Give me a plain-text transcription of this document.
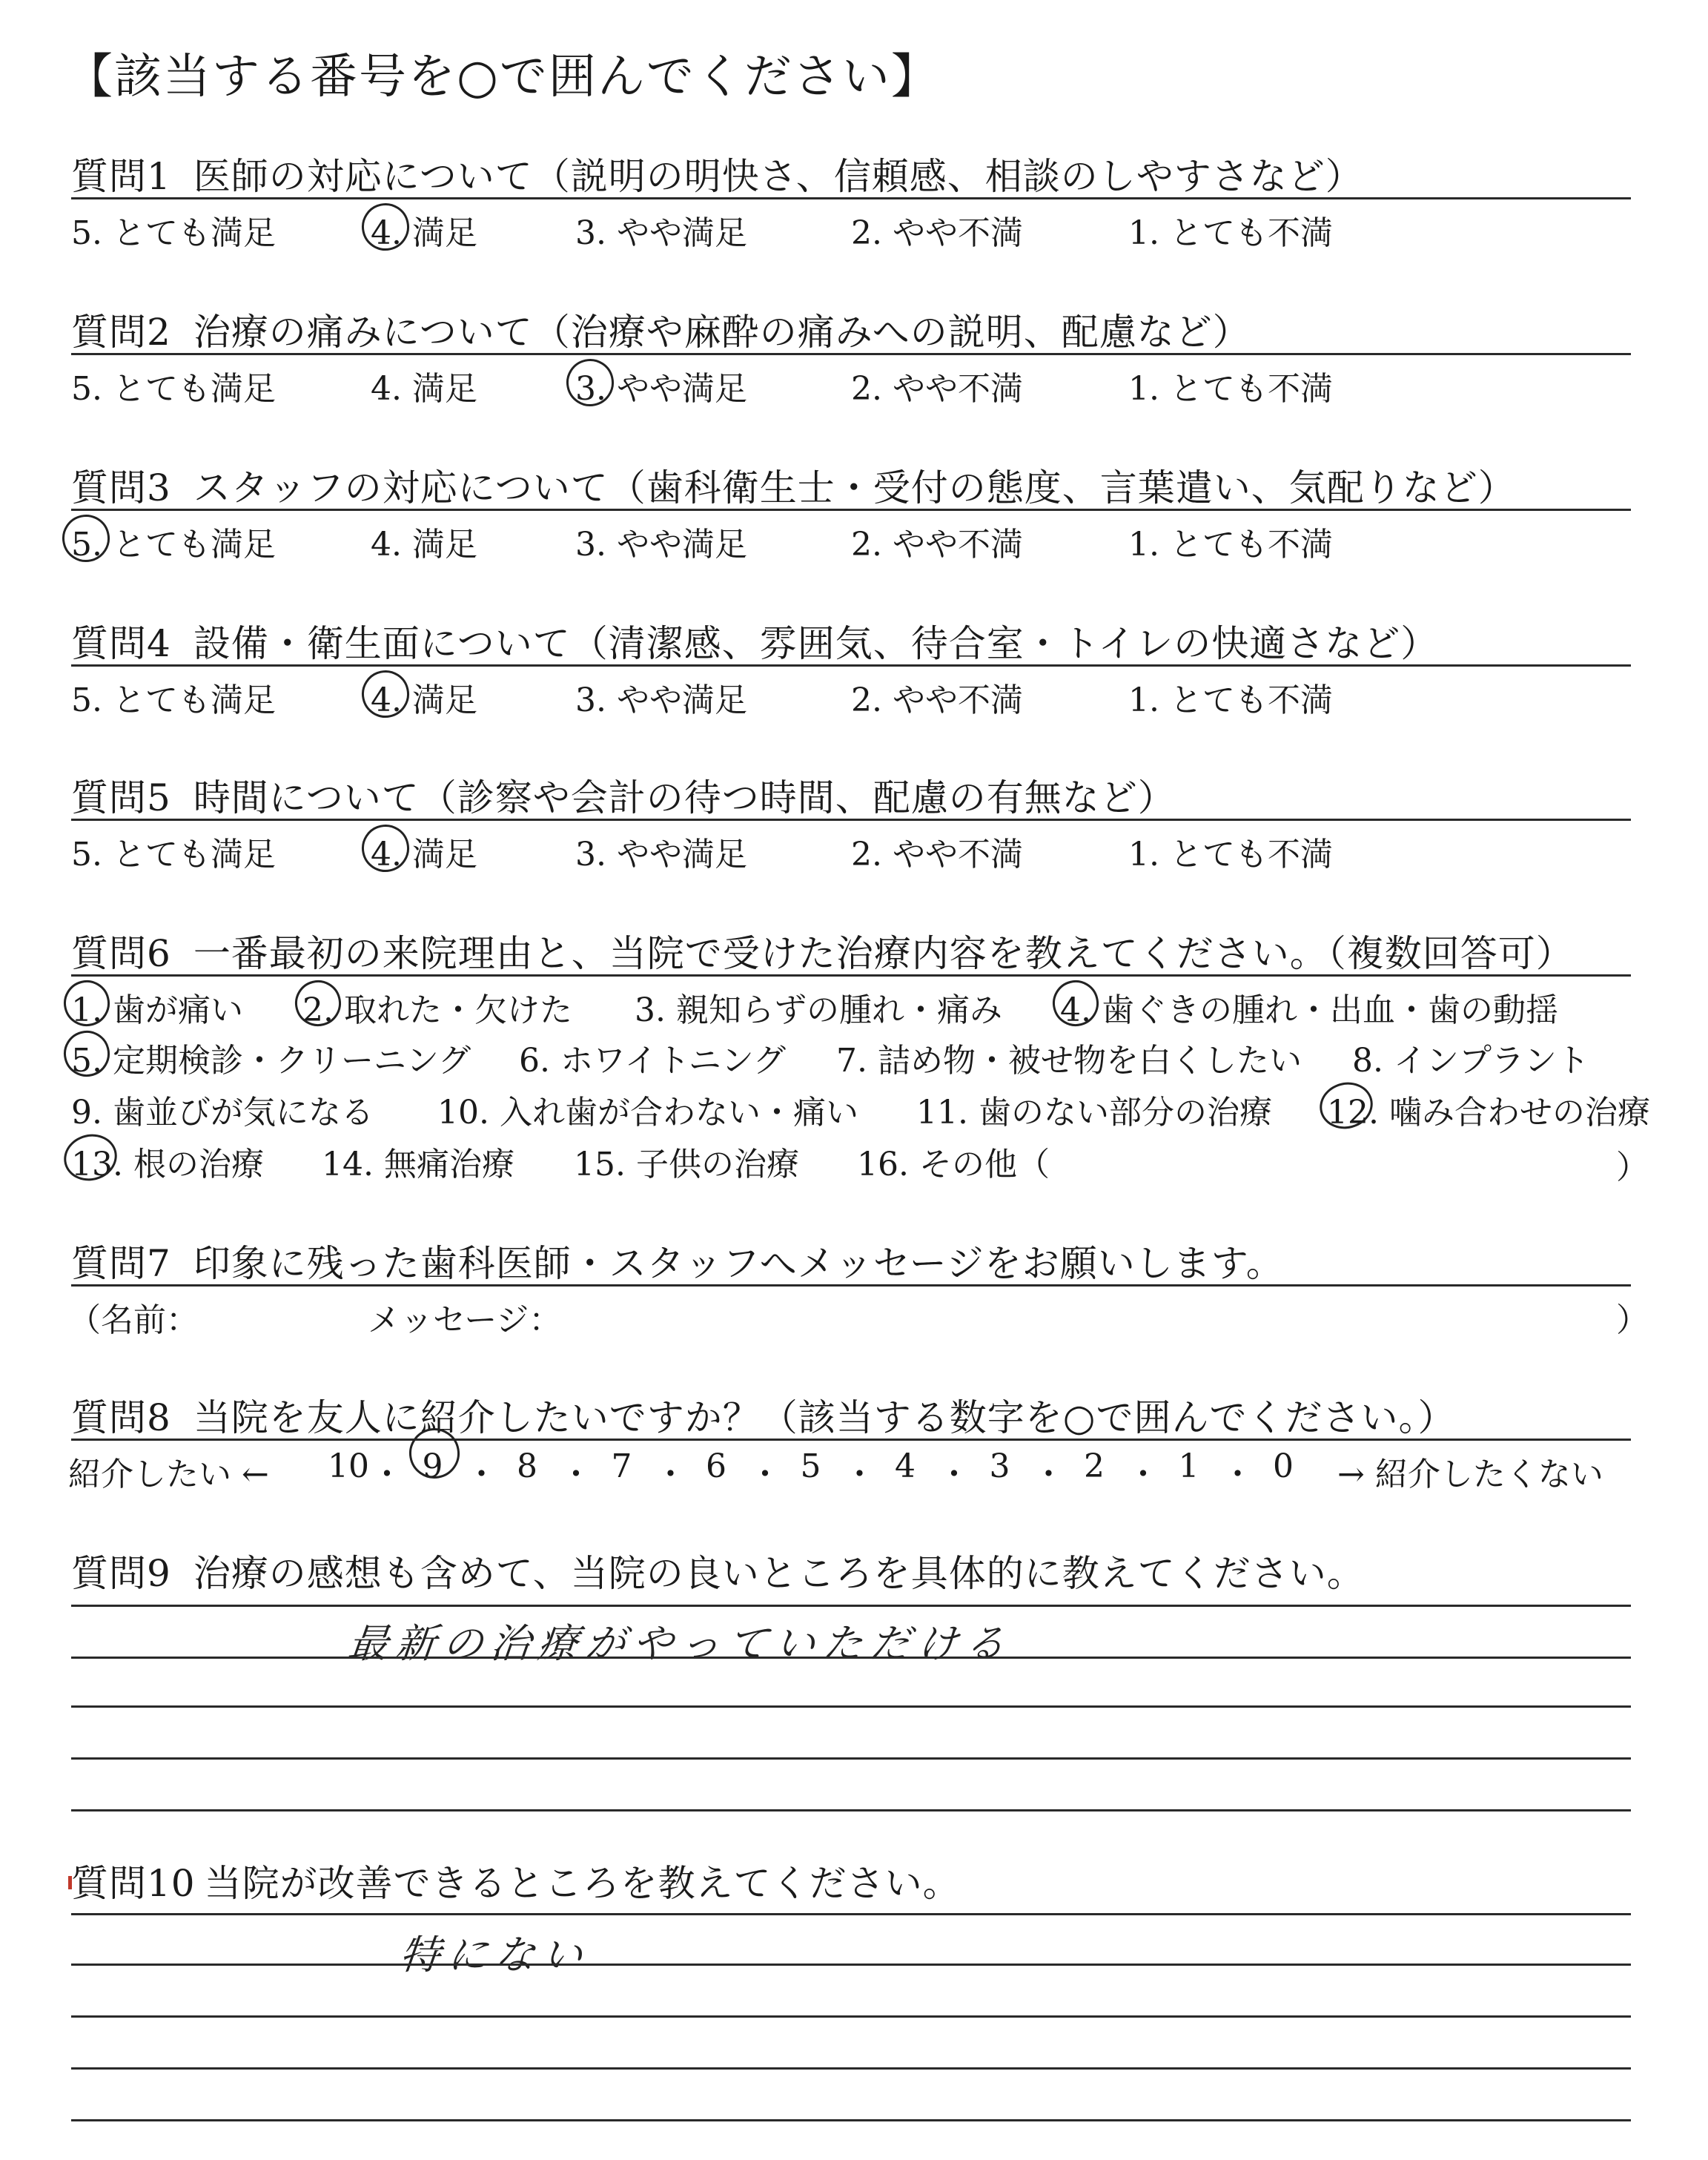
【該当する番号を○で囲んでください】
質問1 医師の対応について（説明の明快さ、信頼感、相談のしやすさなど）
5. とても満足	4. 満足	3. やや満足	2. やや不満	1. とても不満
質問2 治療の痛みについて（治療や麻酔の痛みへの説明、配慮など）
5. とても満足	4. 満足	3. やや満足	2. やや不満	1. とても不満
質問3 スタッフの対応について（歯科衛生士・受付の態度、言葉遣い、気配りなど）
5. とても満足	4. 満足	3. やや満足	2. やや不満	1. とても不満
質問4 設備・衛生面について（清潔感、雰囲気、待合室・トイレの快適さなど）
5. とても満足	4. 満足	3. やや満足	2. やや不満	1. とても不満
質問5 時間について（診察や会計の待つ時間、配慮の有無など）
5. とても満足	4. 満足	3. やや満足	2. やや不満	1. とても不満
質問6 一番最初の来院理由と、当院で受けた治療内容を教えてください。（複数回答可）
1. 歯が痛い 2. 取れた・欠けた 3. 親知らずの腫れ・痛み 4. 歯ぐきの腫れ・出血・歯の動揺
5. 定期検診・クリーニング 6. ホワイトニング 7. 詰め物・被せ物を白くしたい 8. インプラント
9. 歯並びが気になる 10. 入れ歯が合わない・痛い 11. 歯のない部分の治療 12. 噛み合わせの治療
13. 根の治療 14. 無痛治療 15. 子供の治療 16. その他（	）
質問7 印象に残った歯科医師・スタッフへメッセージをお願いします。
（名前：	メッセージ：	）
質問8 当院を友人に紹介したいですか？（該当する数字を○で囲んでください。）
紹介したい ← 10 ・ 9 ・ 8 ・ 7 ・ 6 ・ 5 ・ 4 ・ 3 ・ 2 ・ 1 ・ 0 → 紹介したくない
質問9 治療の感想も含めて、当院の良いところを具体的に教えてください。
最新の治療がやっていただける
質問10 当院が改善できるところを教えてください。
特にない
